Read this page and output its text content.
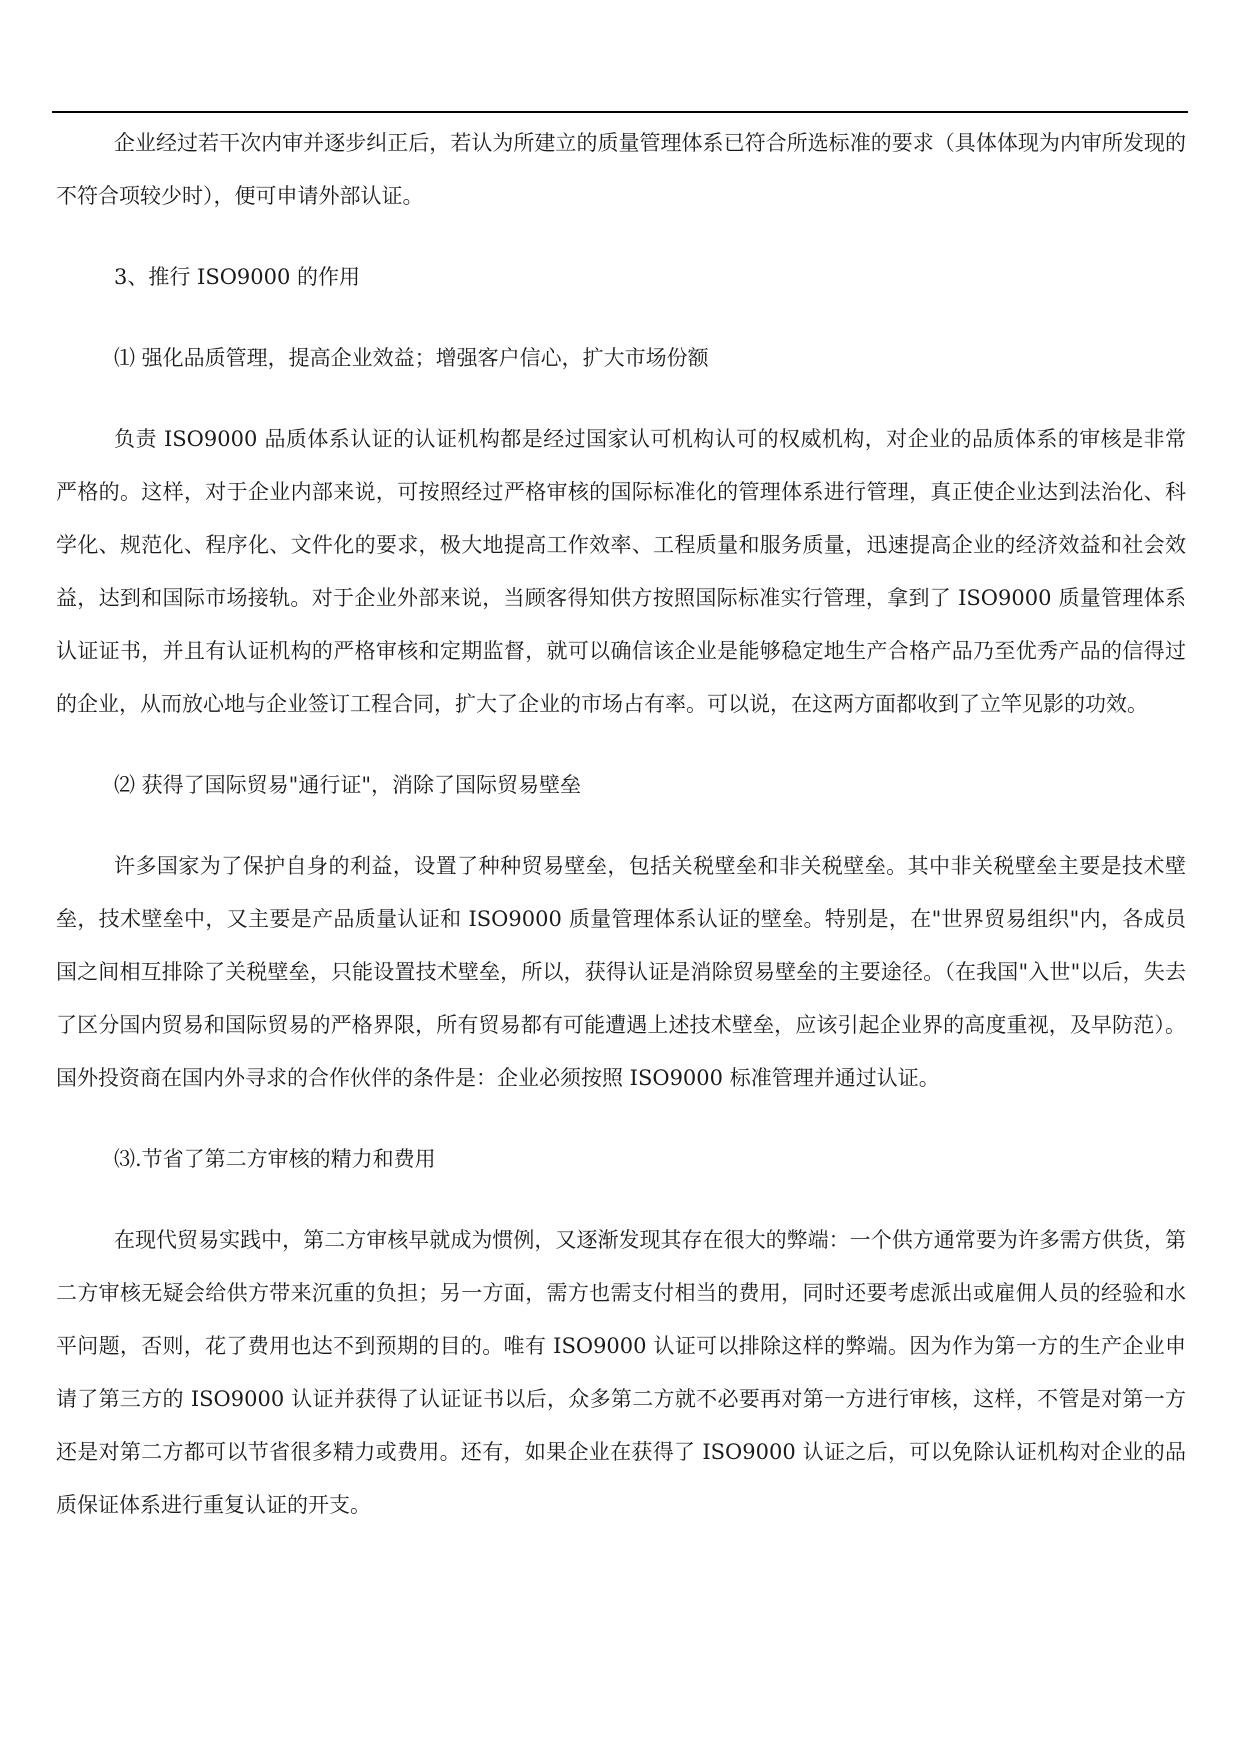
企业经过若干次内审并逐步纠正后，若认为所建立的质量管理体系已符合所选标准的要求（具体体现为内审所发现的不符合项较少时），便可申请外部认证。

3、推行 ISO9000 的作用

⑴ 强化品质管理，提高企业效益；增强客户信心，扩大市场份额

负责 ISO9000 品质体系认证的认证机构都是经过国家认可机构认可的权威机构，对企业的品质体系的审核是非常严格的。这样，对于企业内部来说，可按照经过严格审核的国际标准化的管理体系进行管理，真正使企业达到法治化、科学化、规范化、程序化、文件化的要求，极大地提高工作效率、工程质量和服务质量，迅速提高企业的经济效益和社会效益，达到和国际市场接轨。对于企业外部来说，当顾客得知供方按照国际标准实行管理，拿到了 ISO9000 质量管理体系认证证书，并且有认证机构的严格审核和定期监督，就可以确信该企业是能够稳定地生产合格产品乃至优秀产品的信得过的企业，从而放心地与企业签订工程合同，扩大了企业的市场占有率。可以说，在这两方面都收到了立竿见影的功效。

⑵ 获得了国际贸易"通行证"，消除了国际贸易壁垒

许多国家为了保护自身的利益，设置了种种贸易壁垒，包括关税壁垒和非关税壁垒。其中非关税壁垒主要是技术壁垒，技术壁垒中，又主要是产品质量认证和 ISO9000 质量管理体系认证的壁垒。特别是，在"世界贸易组织"内，各成员国之间相互排除了关税壁垒，只能设置技术壁垒，所以，获得认证是消除贸易壁垒的主要途径。（在我国"入世"以后，失去了区分国内贸易和国际贸易的严格界限，所有贸易都有可能遭遇上述技术壁垒，应该引起企业界的高度重视，及早防范）。国外投资商在国内外寻求的合作伙伴的条件是：企业必须按照 ISO9000 标准管理并通过认证。

⑶.节省了第二方审核的精力和费用

在现代贸易实践中，第二方审核早就成为惯例，又逐渐发现其存在很大的弊端：一个供方通常要为许多需方供货，第二方审核无疑会给供方带来沉重的负担；另一方面，需方也需支付相当的费用，同时还要考虑派出或雇佣人员的经验和水平问题，否则，花了费用也达不到预期的目的。唯有 ISO9000 认证可以排除这样的弊端。因为作为第一方的生产企业申请了第三方的 ISO9000 认证并获得了认证证书以后，众多第二方就不必要再对第一方进行审核，这样，不管是对第一方还是对第二方都可以节省很多精力或费用。还有，如果企业在获得了 ISO9000 认证之后，可以免除认证机构对企业的品质保证体系进行重复认证的开支。
